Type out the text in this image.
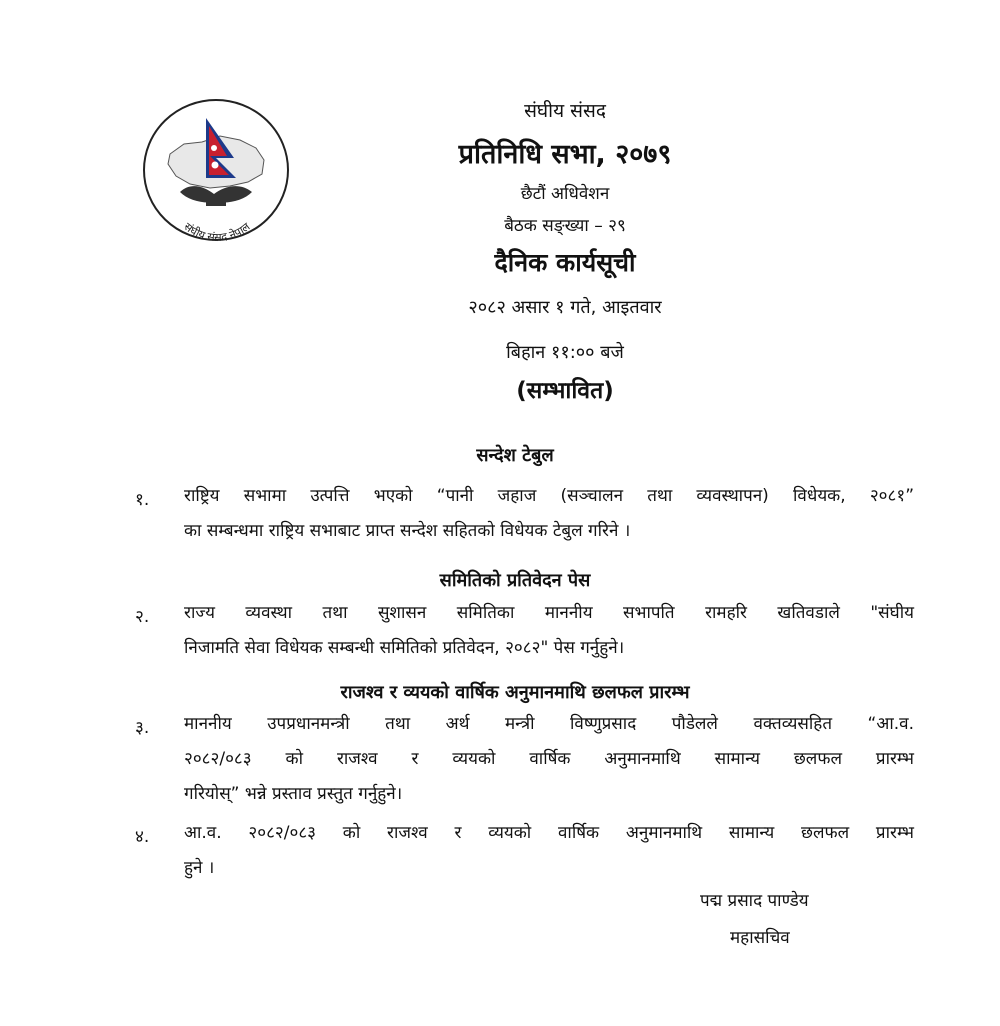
संघीय संसद नेपाल
संघीय संसद
प्रतिनिधि सभा, २०७९
छैटौं अधिवेशन
बैठक सङ्ख्या – २९
दैनिक कार्यसूची
२०८२ असार १ गते, आइतवार
बिहान ११:०० बजे
(सम्भावित)
सन्देश टेबुल
१. राष्ट्रिय सभामा उत्पत्ति भएको “पानी जहाज (सञ्चालन तथा व्यवस्थापन) विधेयक, २०८१”
का सम्बन्धमा राष्ट्रिय सभाबाट प्राप्त सन्देश सहितको विधेयक टेबुल गरिने ।
समितिको प्रतिवेदन पेस
२. राज्य व्यवस्था तथा सुशासन समितिका माननीय सभापति रामहरि खतिवडाले "संघीय
निजामति सेवा विधेयक सम्बन्धी समितिको प्रतिवेदन, २०८२" पेस गर्नुहुने।
राजश्व र व्ययको वार्षिक अनुमानमाथि छलफल प्रारम्भ
३. माननीय उपप्रधानमन्त्री तथा अर्थ मन्त्री विष्णुप्रसाद पौडेलले वक्तव्यसहित “आ.व.
२०८२/०८३ को राजश्व र व्ययको वार्षिक अनुमानमाथि सामान्य छलफल प्रारम्भ
गरियोस्” भन्ने प्रस्ताव प्रस्तुत गर्नुहुने।
४. आ.व. २०८२/०८३ को राजश्व र व्ययको वार्षिक अनुमानमाथि सामान्य छलफल प्रारम्भ
हुने ।
पद्म प्रसाद पाण्डेय
महासचिव
